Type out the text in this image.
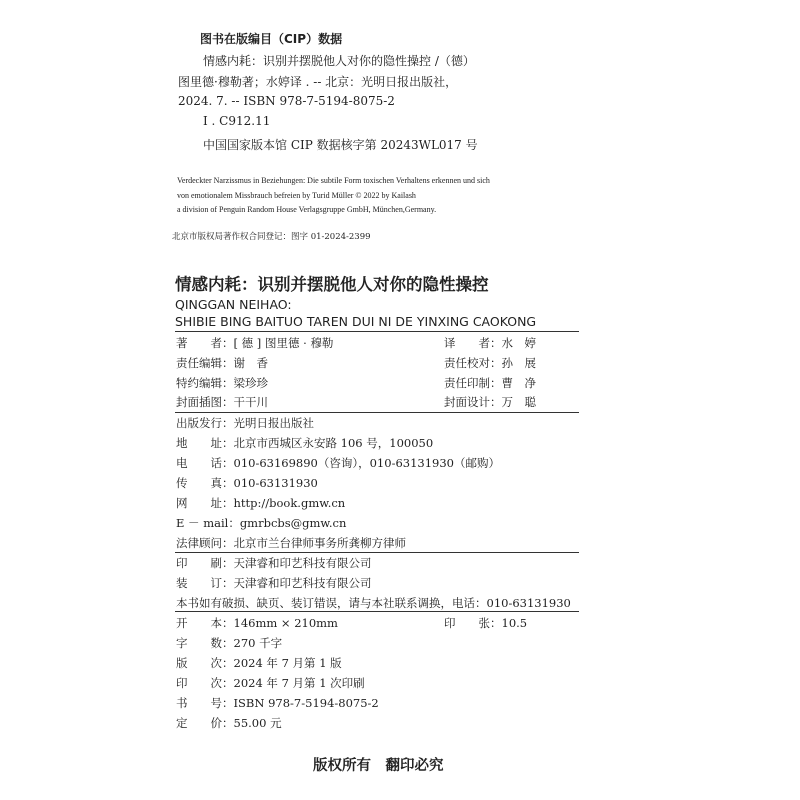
图书在版编目（CIP）数据
情感内耗：识别并摆脱他人对你的隐性操控 /（德）
图里德·穆勒著；水婷译 . -- 北京：光明日报出版社，
2024. 7. -- ISBN 978-7-5194-8075-2
Ⅰ . C912.11
中国国家版本馆 CIP 数据核字第 20243WL017 号
Verdeckter Narzissmus in Beziehungen: Die subtile Form toxischen Verhaltens erkennen und sich
von emotionalem Missbrauch befreien by Turid Müller © 2022 by Kailash
a division of Penguin Random House Verlagsgruppe GmbH, München,Germany.
北京市版权局著作权合同登记：图字 01-2024-2399
情感内耗：识别并摆脱他人对你的隐性操控
QINGGAN NEIHAO:
SHIBIE BING BAITUO TAREN DUI NI DE YINXING CAOKONG
著　　者：[ 德 ] 图里德 · 穆勒	译　　者：水　婷
责任编辑：谢　香	责任校对：孙　展
特约编辑：梁珍珍	责任印制：曹　净
封面插图：干干川	封面设计：万　聪
出版发行：光明日报出版社
地　　址：北京市西城区永安路 106 号，100050
电　　话：010-63169890（咨询），010-63131930（邮购）
传　　真：010-63131930
网　　址：http://book.gmw.cn
E － mail：gmrbcbs@gmw.cn
法律顾问：北京市兰台律师事务所龚柳方律师
印　　刷：天津睿和印艺科技有限公司
装　　订：天津睿和印艺科技有限公司
本书如有破损、缺页、装订错误，请与本社联系调换，电话：010-63131930
开　　本：146mm × 210mm	印　　张：10.5
字　　数：270 千字
版　　次：2024 年 7 月第 1 版
印　　次：2024 年 7 月第 1 次印刷
书　　号：ISBN 978-7-5194-8075-2
定　　价：55.00 元
版权所有　翻印必究
